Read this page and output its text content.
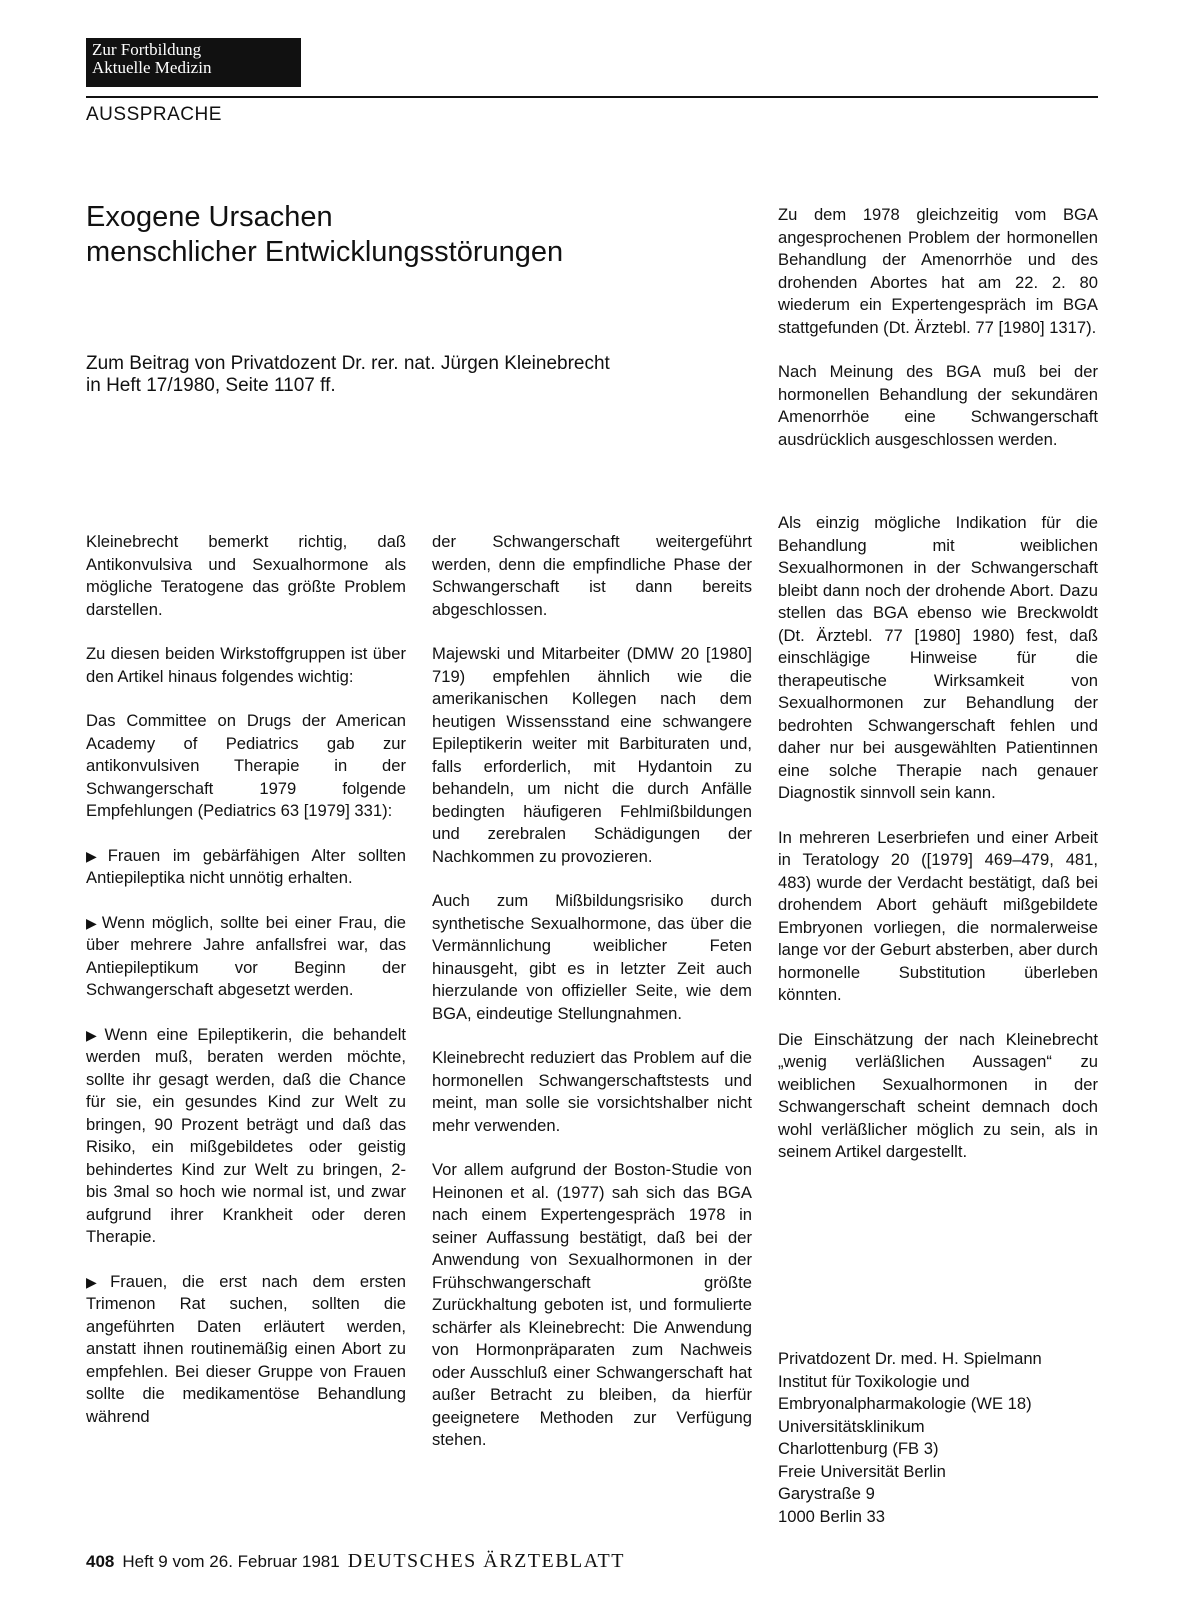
Zur Fortbildung
Aktuelle Medizin
AUSSPRACHE
Exogene Ursachen
menschlicher Entwicklungsstörungen
Zum Beitrag von Privatdozent Dr. rer. nat. Jürgen Kleinebrecht
in Heft 17/1980, Seite 1107 ff.

Kleinebrecht bemerkt richtig, daß Antikonvulsiva und Sexualhormone als mögliche Teratogene das größte Problem darstellen.

Zu diesen beiden Wirkstoffgruppen ist über den Artikel hinaus folgendes wichtig:

Das Committee on Drugs der American Academy of Pediatrics gab zur antikonvulsiven Therapie in der Schwangerschaft 1979 folgende Empfehlungen (Pediatrics 63 [1979] 331):

▶ Frauen im gebärfähigen Alter sollten Antiepileptika nicht unnötig erhalten.

▶ Wenn möglich, sollte bei einer Frau, die über mehrere Jahre anfallsfrei war, das Antiepileptikum vor Beginn der Schwangerschaft abgesetzt werden.

▶ Wenn eine Epileptikerin, die behandelt werden muß, beraten werden möchte, sollte ihr gesagt werden, daß die Chance für sie, ein gesundes Kind zur Welt zu bringen, 90 Prozent beträgt und daß das Risiko, ein mißgebildetes oder geistig behindertes Kind zur Welt zu bringen, 2- bis 3mal so hoch wie normal ist, und zwar aufgrund ihrer Krankheit oder deren Therapie.

▶ Frauen, die erst nach dem ersten Trimenon Rat suchen, sollten die angeführten Daten erläutert werden, anstatt ihnen routinemäßig einen Abort zu empfehlen. Bei dieser Gruppe von Frauen sollte die medikamentöse Behandlung während

der Schwangerschaft weitergeführt werden, denn die empfindliche Phase der Schwangerschaft ist dann bereits abgeschlossen.

Majewski und Mitarbeiter (DMW 20 [1980] 719) empfehlen ähnlich wie die amerikanischen Kollegen nach dem heutigen Wissensstand eine schwangere Epileptikerin weiter mit Barbituraten und, falls erforderlich, mit Hydantoin zu behandeln, um nicht die durch Anfälle bedingten häufigeren Fehlmißbildungen und zerebralen Schädigungen der Nachkommen zu provozieren.

Auch zum Mißbildungsrisiko durch synthetische Sexualhormone, das über die Vermännlichung weiblicher Feten hinausgeht, gibt es in letzter Zeit auch hierzulande von offizieller Seite, wie dem BGA, eindeutige Stellungnahmen.

Kleinebrecht reduziert das Problem auf die hormonellen Schwangerschaftstests und meint, man solle sie vorsichtshalber nicht mehr verwenden.

Vor allem aufgrund der Boston-Studie von Heinonen et al. (1977) sah sich das BGA nach einem Expertengespräch 1978 in seiner Auffassung bestätigt, daß bei der Anwendung von Sexualhormonen in der Frühschwangerschaft größte Zurückhaltung geboten ist, und formulierte schärfer als Kleinebrecht: Die Anwendung von Hormonpräparaten zum Nachweis oder Ausschluß einer Schwangerschaft hat außer Betracht zu bleiben, da hierfür geeignetere Methoden zur Verfügung stehen.

Zu dem 1978 gleichzeitig vom BGA angesprochenen Problem der hormonellen Behandlung der Amenorrhöe und des drohenden Abortes hat am 22. 2. 80 wiederum ein Expertengespräch im BGA stattgefunden (Dt. Ärztebl. 77 [1980] 1317).

Nach Meinung des BGA muß bei der hormonellen Behandlung der sekundären Amenorrhöe eine Schwangerschaft ausdrücklich ausgeschlossen werden.

Als einzig mögliche Indikation für die Behandlung mit weiblichen Sexualhormonen in der Schwangerschaft bleibt dann noch der drohende Abort. Dazu stellen das BGA ebenso wie Breckwoldt (Dt. Ärztebl. 77 [1980] 1980) fest, daß einschlägige Hinweise für die therapeutische Wirksamkeit von Sexualhormonen zur Behandlung der bedrohten Schwangerschaft fehlen und daher nur bei ausgewählten Patientinnen eine solche Therapie nach genauer Diagnostik sinnvoll sein kann.

In mehreren Leserbriefen und einer Arbeit in Teratology 20 ([1979] 469–479, 481, 483) wurde der Verdacht bestätigt, daß bei drohendem Abort gehäuft mißgebildete Embryonen vorliegen, die normalerweise lange vor der Geburt absterben, aber durch hormonelle Substitution überleben könnten.

Die Einschätzung der nach Kleinebrecht „wenig verläßlichen Aussagen“ zu weiblichen Sexualhormonen in der Schwangerschaft scheint demnach doch wohl verläßlicher möglich zu sein, als in seinem Artikel dargestellt.

Privatdozent Dr. med. H. Spielmann
Institut für Toxikologie und
Embryonalpharmakologie (WE 18)
Universitätsklinikum
Charlottenburg (FB 3)
Freie Universität Berlin
Garystraße 9
1000 Berlin 33
408 Heft 9 vom 26. Februar 1981 DEUTSCHES ÄRZTEBLATT
